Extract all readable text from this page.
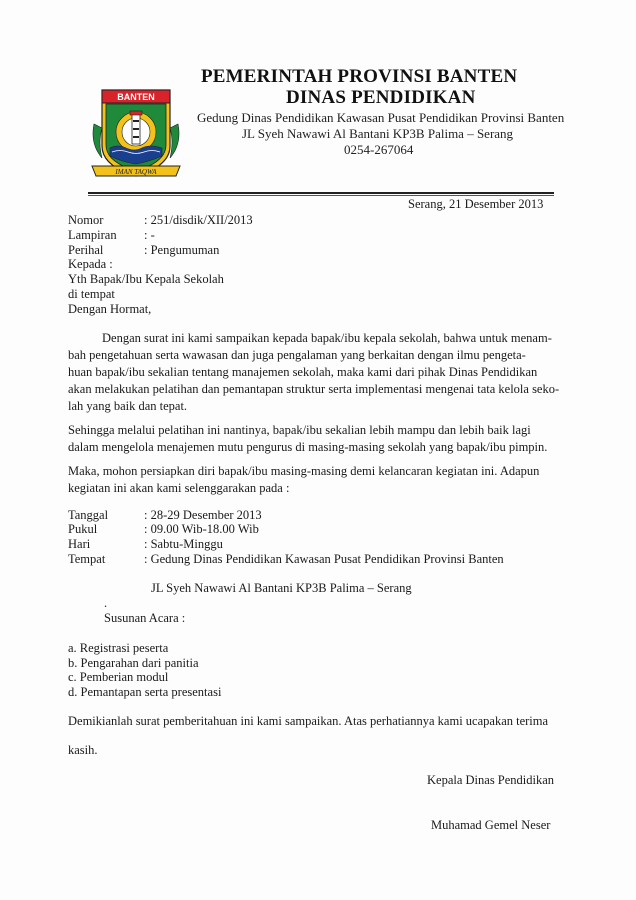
BANTEN
IMAN TAQWA
PEMERINTAH PROVINSI BANTEN
DINAS PENDIDIKAN
Gedung Dinas Pendidikan Kawasan Pusat Pendidikan Provinsi Banten
JL Syeh Nawawi Al Bantani KP3B Palima – Serang
0254-267064
Serang, 21 Desember 2013
Nomor	: 251/disdik/XII/2013
Lampiran : -
Perihal	: Pengumuman
Kepada :
Yth Bapak/Ibu Kepala Sekolah
di tempat
Dengan Hormat,
Dengan surat ini kami sampaikan kepada bapak/ibu kepala sekolah, bahwa untuk menam-
bah pengetahuan serta wawasan dan juga pengalaman yang berkaitan dengan ilmu pengeta-
huan bapak/ibu sekalian tentang manajemen sekolah, maka kami dari pihak Dinas Pendidikan
akan melakukan pelatihan dan pemantapan struktur serta implementasi mengenai tata kelola seko-
lah yang baik dan tepat.
Sehingga melalui pelatihan ini nantinya, bapak/ibu sekalian lebih mampu dan lebih baik lagi
dalam mengelola menajemen mutu pengurus di masing-masing sekolah yang bapak/ibu pimpin.
Maka, mohon persiapkan diri bapak/ibu masing-masing demi kelancaran kegiatan ini. Adapun
kegiatan ini akan kami selenggarakan pada :
Tanggal	: 28-29 Desember 2013
Pukul	: 09.00 Wib-18.00 Wib
Hari	: Sabtu-Minggu
Tempat	: Gedung Dinas Pendidikan Kawasan Pusat Pendidikan Provinsi Banten
JL Syeh Nawawi Al Bantani KP3B Palima – Serang
.
Susunan Acara :
a. Registrasi peserta
b. Pengarahan dari panitia
c. Pemberian modul
d. Pemantapan serta presentasi
Demikianlah surat pemberitahuan ini kami sampaikan. Atas perhatiannya kami ucapakan terima
kasih.
Kepala Dinas Pendidikan
Muhamad Gemel Neser
